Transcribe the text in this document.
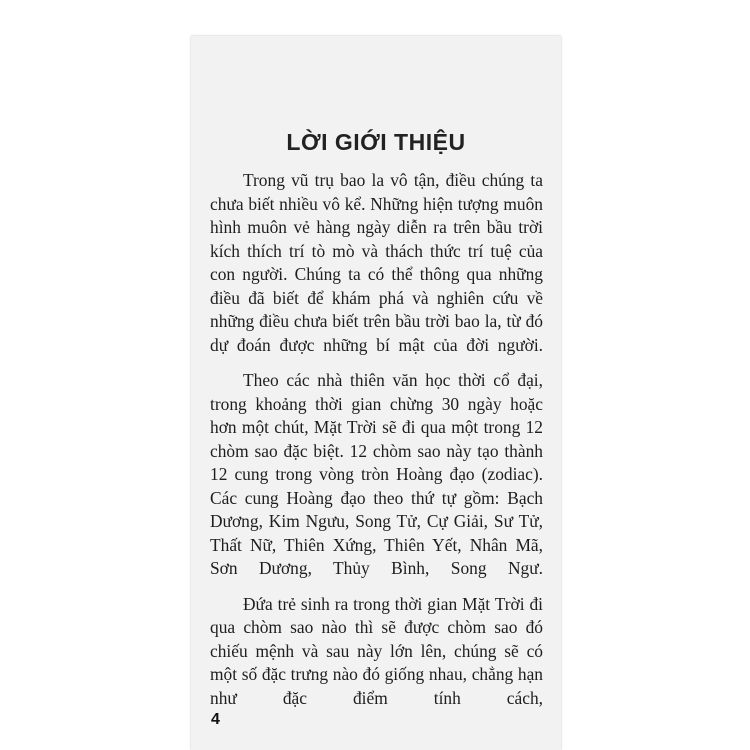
LỜI GIỚI THIỆU

Trong vũ trụ bao la vô tận, điều chúng ta chưa biết nhiều vô kể. Những hiện tượng muôn hình muôn vẻ hàng ngày diễn ra trên bầu trời kích thích trí tò mò và thách thức trí tuệ của con người. Chúng ta có thể thông qua những điều đã biết để khám phá và nghiên cứu về những điều chưa biết trên bầu trời bao la, từ đó dự đoán được những bí mật của đời người.

Theo các nhà thiên văn học thời cổ đại, trong khoảng thời gian chừng 30 ngày hoặc hơn một chút, Mặt Trời sẽ đi qua một trong 12 chòm sao đặc biệt. 12 chòm sao này tạo thành 12 cung trong vòng tròn Hoàng đạo (zodiac). Các cung Hoàng đạo theo thứ tự gồm: Bạch Dương, Kim Ngưu, Song Tử, Cự Giải, Sư Tử, Thất Nữ, Thiên Xứng, Thiên Yết, Nhân Mã, Sơn Dương, Thủy Bình, Song Ngư.

Đứa trẻ sinh ra trong thời gian Mặt Trời đi qua chòm sao nào thì sẽ được chòm sao đó chiếu mệnh và sau này lớn lên, chúng sẽ có một số đặc trưng nào đó giống nhau, chẳng hạn như đặc điểm tính cách,

4
